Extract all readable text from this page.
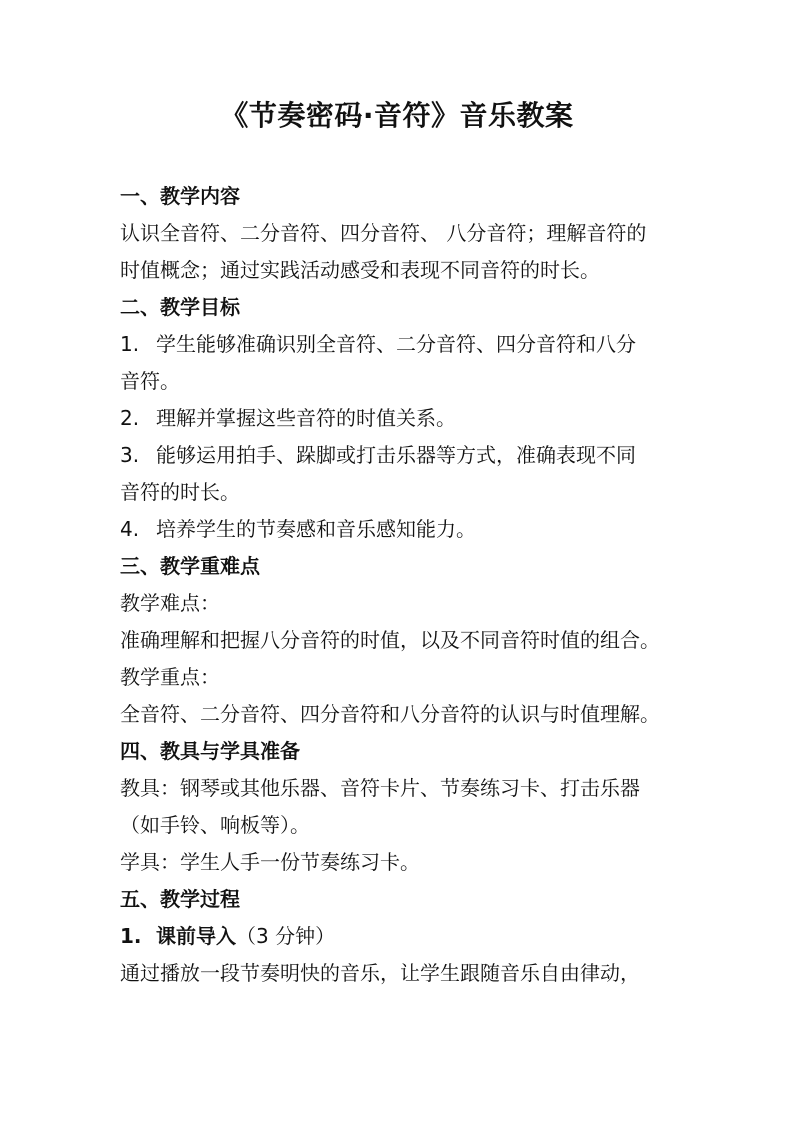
《节奏密码·音符》音乐教案
一、教学内容
认识全音符、二分音符、四分音符、 八分音符；理解音符的
时值概念；通过实践活动感受和表现不同音符的时长。
二、教学目标
1. 学生能够准确识别全音符、二分音符、四分音符和八分
音符。
2. 理解并掌握这些音符的时值关系。
3. 能够运用拍手、跺脚或打击乐器等方式，准确表现不同
音符的时长。
4. 培养学生的节奏感和音乐感知能力。
三、教学重难点
教学难点：
准确理解和把握八分音符的时值，以及不同音符时值的组合。
教学重点：
全音符、二分音符、四分音符和八分音符的认识与时值理解。
四、教具与学具准备
教具：钢琴或其他乐器、音符卡片、节奏练习卡、打击乐器
（如手铃、响板等）。
学具：学生人手一份节奏练习卡。
五、教学过程
1. 课前导入（3 分钟）
通过播放一段节奏明快的音乐，让学生跟随音乐自由律动，
